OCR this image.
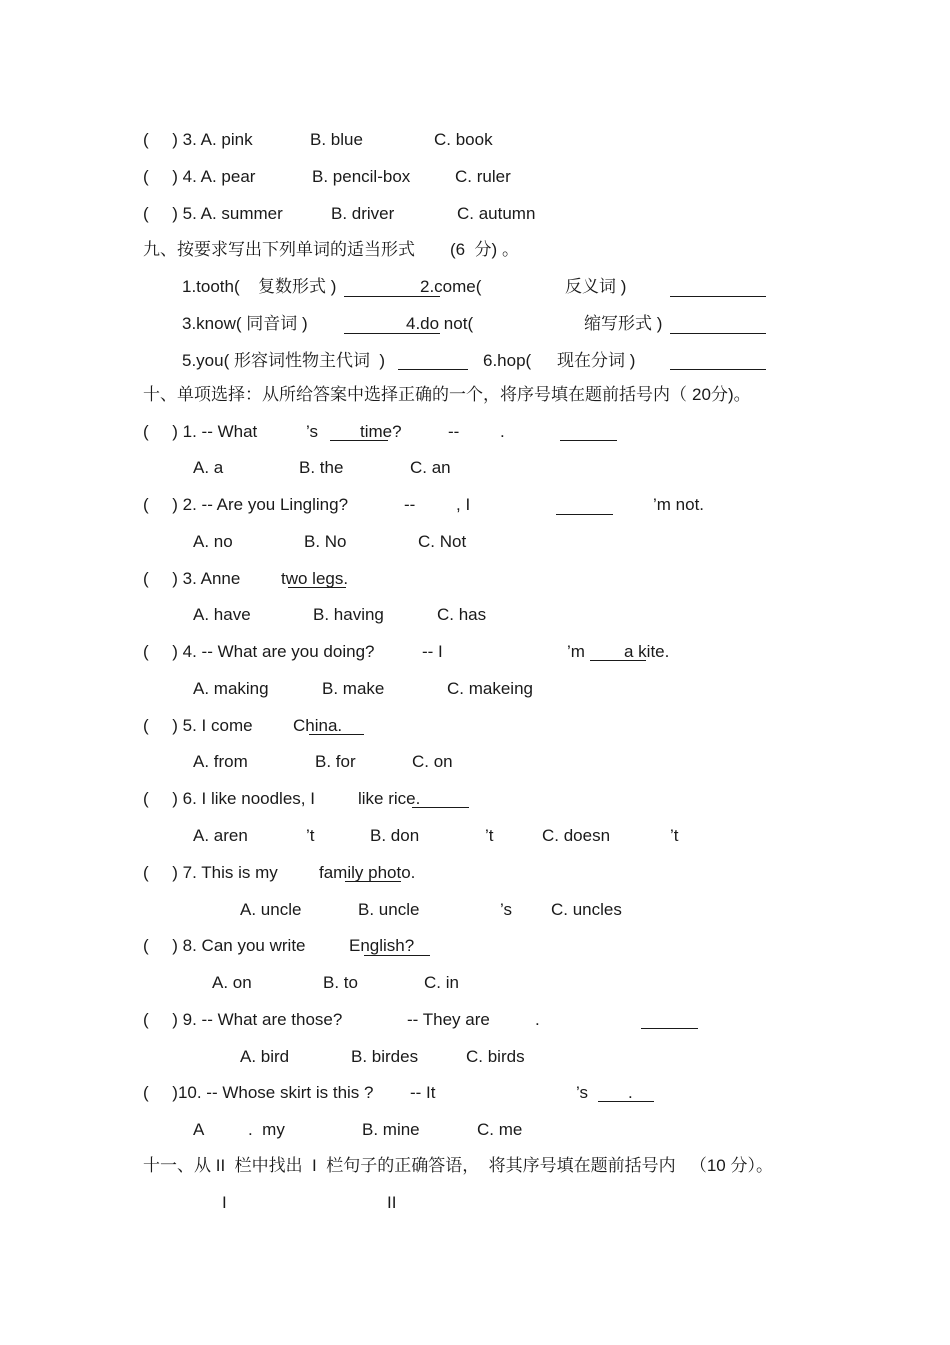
(     ) 3. A. pink	B. blue	C. book
(     ) 4. A. pear	B. pencil-box	C. ruler
(     ) 5. A. summer	B. driver	C. autumn
九、按要求写出下列单词的适当形式 (6  分) 。
1.tooth( 复数形式 )	2.come(	反义词 )
3.know( 同音词 )	4.do not(	缩写形式 )
5.you( 形容词性物主代词  )	6.hop( 现在分词 )
十、单项选择：从所给答案中选择正确的一个，将序号填在题前括号内（ 20 分)。
(     ) 1. -- What	’s time?	-- .
A. a	B. the	C. an
(     ) 2. -- Are you Lingling?	-- , I	’m not.
A. no	B. No	C. Not
(     ) 3. Anne two legs.
A. have	B. having	C. has
(     ) 4. -- What are you doing?	-- I	’m a kite.
A. making	B. make	C. makeing
(     ) 5. I come China.
A. from	B. for	C. on
(     ) 6. I like noodles, I	like rice.
A. aren	’t	B. don	’t	C. doesn	’t
(     ) 7. This is my family photo.
A. uncle	B. uncle	’s C. uncles
(     ) 8. Can you write	English?
A. on	B. to	C. in
(     ) 9. -- What are those?	-- They are	.
A. bird	B. birdes	C. birds
(     )10. -- Whose skirt is this ? -- It	’s .
A	.  my	B. mine	C. me
十一、从 II  栏中找出  I  栏句子的正确答语，  将其序号填在题前括号内   （10 分）。
I	II
